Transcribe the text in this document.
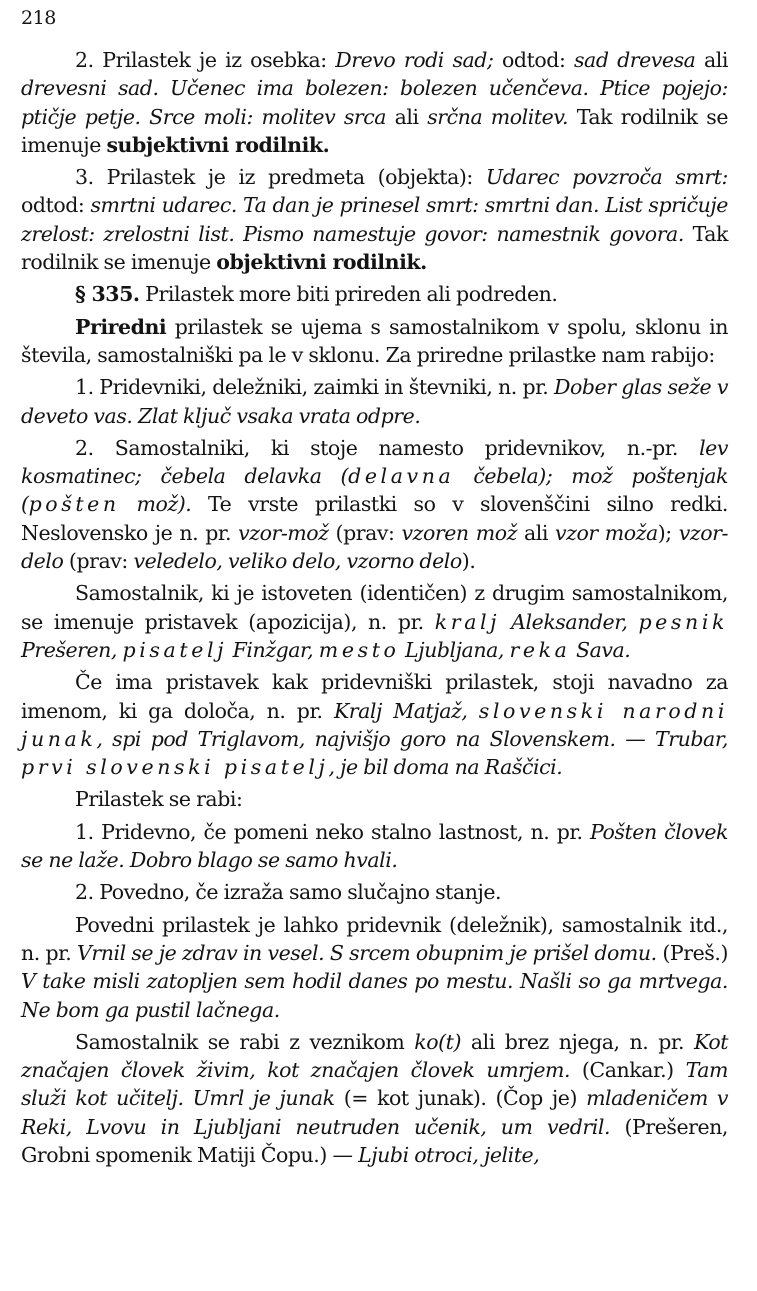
218

2. Prilastek je iz osebka: Drevo rodi sad; odtod: sad drevesa ali drevesni sad. Učenec ima bolezen: bolezen učenčeva. Ptice pojejo: ptičje petje. Srce moli: molitev srca ali srčna molitev. Tak rodilnik se imenuje subjektivni rodilnik.

3. Prilastek je iz predmeta (objekta): Udarec povzroča smrt: odtod: smrtni udarec. Ta dan je prinesel smrt: smrtni dan. List spričuje zrelost: zrelostni list. Pismo namestuje govor: namestnik govora. Tak rodilnik se imenuje objektivni rodilnik.

§ 335. Prilastek more biti prireden ali podreden.

Priredni prilastek se ujema s samostalnikom v spolu, sklonu in števila, samostalniški pa le v sklonu. Za priredne prilastke nam rabijo:

1. Pridevniki, deležniki, zaimki in števniki, n. pr. Dober glas seže v deveto vas. Zlat ključ vsaka vrata odpre.

2. Samostalniki, ki stoje namesto pridevnikov, n.-pr. lev kosmatinec; čebela delavka (delavna čebela); mož poštenjak (pošten mož). Te vrste prilastki so v slovenščini silno redki. Neslovensko je n. pr. vzor-mož (prav: vzoren mož ali vzor moža); vzor-delo (prav: veledelo, veliko delo, vzorno delo).

Samostalnik, ki je istoveten (identičen) z drugim samostalnikom, se imenuje pristavek (apozicija), n. pr. kralj Aleksander, pesnik Prešeren, pisatelj Finžgar, mesto Ljubljana, reka Sava.

Če ima pristavek kak pridevniški prilastek, stoji navadno za imenom, ki ga določa, n. pr. Kralj Matjaž, slovenski narodni junak, spi pod Triglavom, najvišjo goro na Slovenskem. — Trubar, prvi slovenski pisatelj, je bil doma na Raščici.

Prilastek se rabi:

1. Pridevno, če pomeni neko stalno lastnost, n. pr. Pošten človek se ne laže. Dobro blago se samo hvali.

2. Povedno, če izraža samo slučajno stanje.

Povedni prilastek je lahko pridevnik (deležnik), samostalnik itd., n. pr. Vrnil se je zdrav in vesel. S srcem obupnim je prišel domu. (Preš.) V take misli zatopljen sem hodil danes po mestu. Našli so ga mrtvega. Ne bom ga pustil lačnega.

Samostalnik se rabi z veznikom ko(t) ali brez njega, n. pr. Kot značajen človek živim, kot značajen človek umrjem. (Cankar.) Tam služi kot učitelj. Umrl je junak (= kot junak). (Čop je) mladeničem v Reki, Lvovu in Ljubljani neutruden učenik, um vedril. (Prešeren, Grobni spomenik Matiji Čopu.) — Ljubi otroci, jelite,
